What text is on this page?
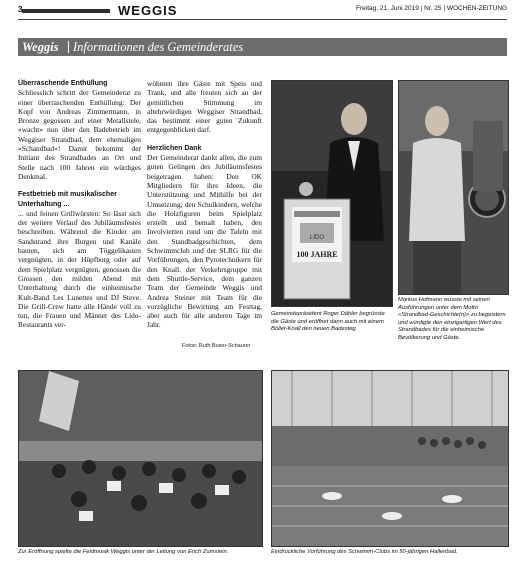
3	WEGGIS	Freitag, 21. Juni 2019 | Nr. 25 | WOCHEN-ZEITUNG
Weggis Informationen des Gemeinderates
Überraschende Enthüllung

Schliesslich schritt der Gemeinderat zu einer überraschenden Enthüllung: Der Kopf von Andreas Zimmermann, in Bronze gegossen auf einer Metallstele, «wacht» nun über den Badebetrieb im Weggiser Strandbad, dem ehemaligen «Schandbad»! Damit bekommt der Initiant des Strandbades an Ort und Stelle nach 100 Jahren ein würdiges Denkmal.

Festbetrieb mit musikalischer Unterhaltung ...

... und feinen Grillwürsten: So lässt sich der weitere Verlauf des Jubiläumsfestes beschreiben. Während die Kinder am Sandstrand ihre Burgen und Kanäle bauten, sich am Töggelikasten vergnügten, in der Hüpfburg oder auf dem Spielplatz vergnügten, genossen die Grossen den milden Abend mit Unterhaltung durch die einheimische Kult-Band Les Lunettes und DJ Steve. Die Grill-Crew hatte alle Hände voll zu tun, die Frauen und Männer des Lido-Restaurants ver-

wöhnten ihre Gäste mit Speis und Trank, und alle freuten sich an der gemütlichen Stimmung im altehrwürdigen Weggiser Strandbad, das bestimmt einer guten Zukunft entgegenblicken darf.

Herzlichen Dank

Der Gemeinderat dankt allen, die zum guten Gelingen des Jubiläumsfestes beigetragen haben: Den OK Mitgliedern für ihre Ideen, die Unterstützung und Mithilfe bei der Umsetzung, den Schulkindern, welche die Holzfiguren beim Spielplatz erstellt und bemalt haben, den Involvierten rund um die Tafeln mit den Standbadgeschichten, dem Schwimmclub und der SLRG für die Vorführungen, den Pyrotechnikern für den Knall. der Verkehrsgruppe mit dem Shuttle-Service, dem ganzen Team der Gemeinde Weggis und Andrea Steiner mit Team für die vorzügliche Bewirtung am Festtag, aber auch für alle anderen Tage im Jahr.

Fotos: Ruth Buser-Schaurer
LIDO
100 JAHRE
Gemeindepräsident Roger Dähler begrüsste die Gäste und eröffnet dann auch mit einem Böller-Knall den neuen Badesteg.
Markus Hofmann wusste mit seinen Ausführungen unter dem Motto «Strandbad-Geschichte(n)» zu begeistern und würdigte den einzigartigen Wert des Strandbades für die einheimische Bevölkerung und Gäste.
Zur Eröffnung spielte die Feldmusik Weggis unter der Leitung von Erich Zumstein.	Eindrückliche Vorführung des Schwimm-Clubs im 50-jährigen Hallenbad.
